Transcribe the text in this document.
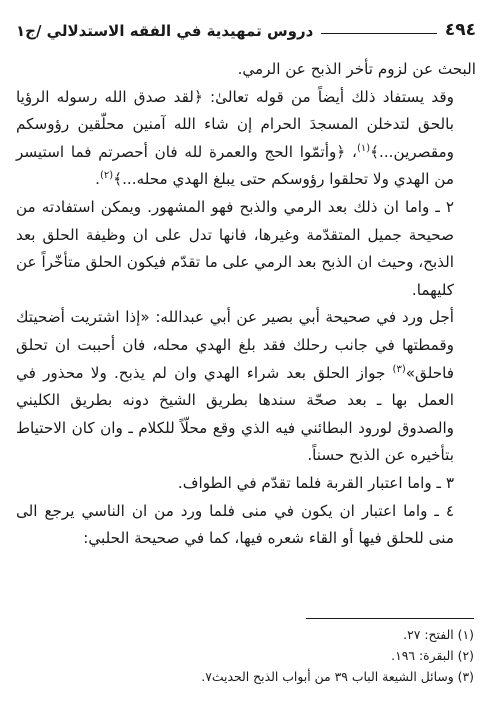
٤٩٤
دروس تمهيدية في الفقه الاستدلالي /ج١

البحث عن لزوم تأخر الذبح عن الرمي.

وقد يستفاد ذلك أيضاً من قوله تعالىٰ: ﴿لقد صدق الله رسوله الرؤيا بالحق لتدخلن المسجدَ الحرام إن شاء الله آمنين محلّقين رؤوسكم ومقصرين...﴾$^{(١)}$، ﴿وأتمّوا الحج والعمرة لله فان أحصرتم فما استيسر من الهدي ولا تحلقوا رؤوسكم حتى يبلغ الهدي محله...﴾$^{(٢)}$.

٢ ـ واما ان ذلك بعد الرمي والذبح فهو المشهور. ويمكن استفادته من صحيحة جميل المتقدّمة وغيرها، فانها تدل على ان وظيفة الحلق بعد الذبح، وحيث ان الذبح بعد الرمي على ما تقدّم فيكون الحلق متأخّراً عن كليهما.

أجل ورد في صحيحة أبي بصير عن أبي عبدالله: «إذا اشتريت أضحيتك وقمطتها في جانب رحلك فقد بلغ الهدي محله، فان أحببت ان تحلق فاحلق»$^{(٣)}$ جواز الحلق بعد شراء الهدي وان لم يذبح. ولا محذور في العمل بها ـ بعد صحّة سندها بطريق الشيخ دونه بطريق الكليني والصدوق لورود البطائني فيه الذي وقع محلّاً للكلام ـ وان كان الاحتياط بتأخيره عن الذبح حسناً.

٣ ـ واما اعتبار القربة فلما تقدّم في الطواف.

٤ ـ واما اعتبار ان يكون في منى فلما ورد من ان الناسي يرجع الى منى للحلق فيها أو القاء شعره فيها، كما في صحيحة الحلبي:

(١) الفتح: ٢٧.

(٢) البقرة: ١٩٦.

(٣) وسائل الشيعة الباب ٣٩ من أبواب الذبح الحديث٧.
